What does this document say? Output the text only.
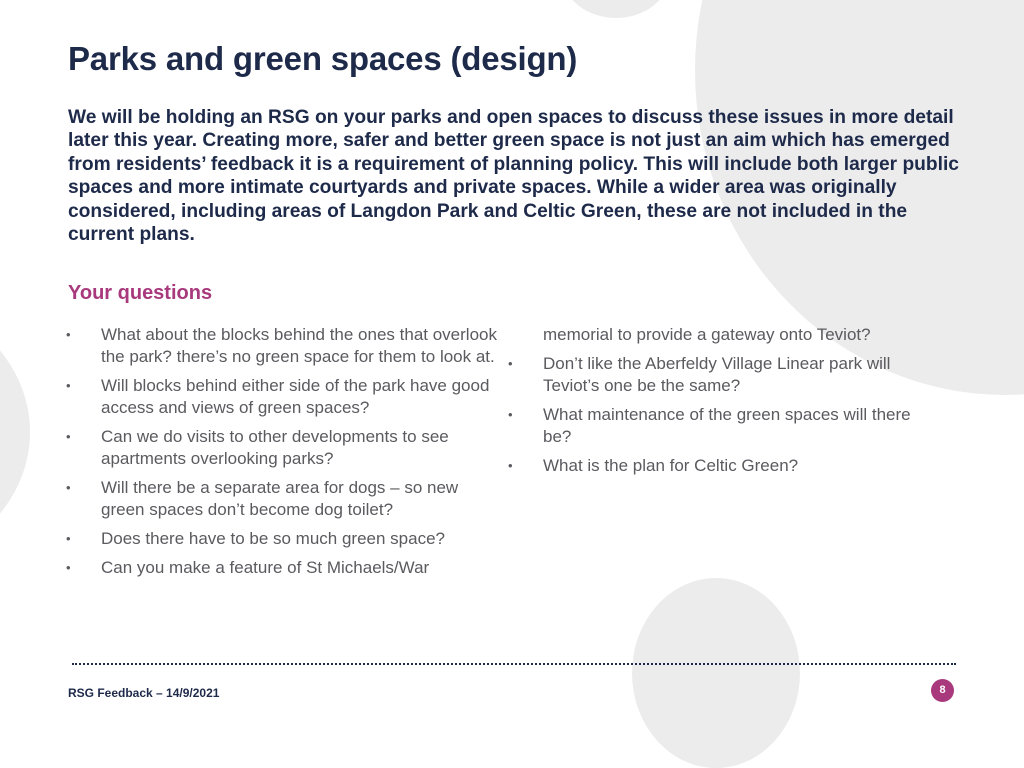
Parks and green spaces (design)

We will be holding an RSG on your parks and open spaces to discuss these issues in more detail later this year. Creating more, safer and better green space is not just an aim which has emerged from residents’ feedback it is a requirement of planning policy. This will include both larger public spaces and more intimate courtyards and private spaces. While a wider area was originally considered, including areas of Langdon Park and Celtic Green, these are not included in the current plans.

Your questions
•	What about the blocks behind the ones that overlook the park? there’s no green space for them to look at.
•	Will blocks behind either side of the park have good access and views of green spaces?
•	Can we do visits to other developments to see apartments overlooking parks?
•	Will there be a separate area for dogs – so new green spaces don’t become dog toilet?
•	Does there have to be so much green space?
•	Can you make a feature of St Michaels/War
memorial to provide a gateway onto Teviot?
•	Don’t like the Aberfeldy Village Linear park will Teviot’s one be the same?
•	What maintenance of the green spaces will there be?
•	What is the plan for Celtic Green?

RSG Feedback – 14/9/2021	8
